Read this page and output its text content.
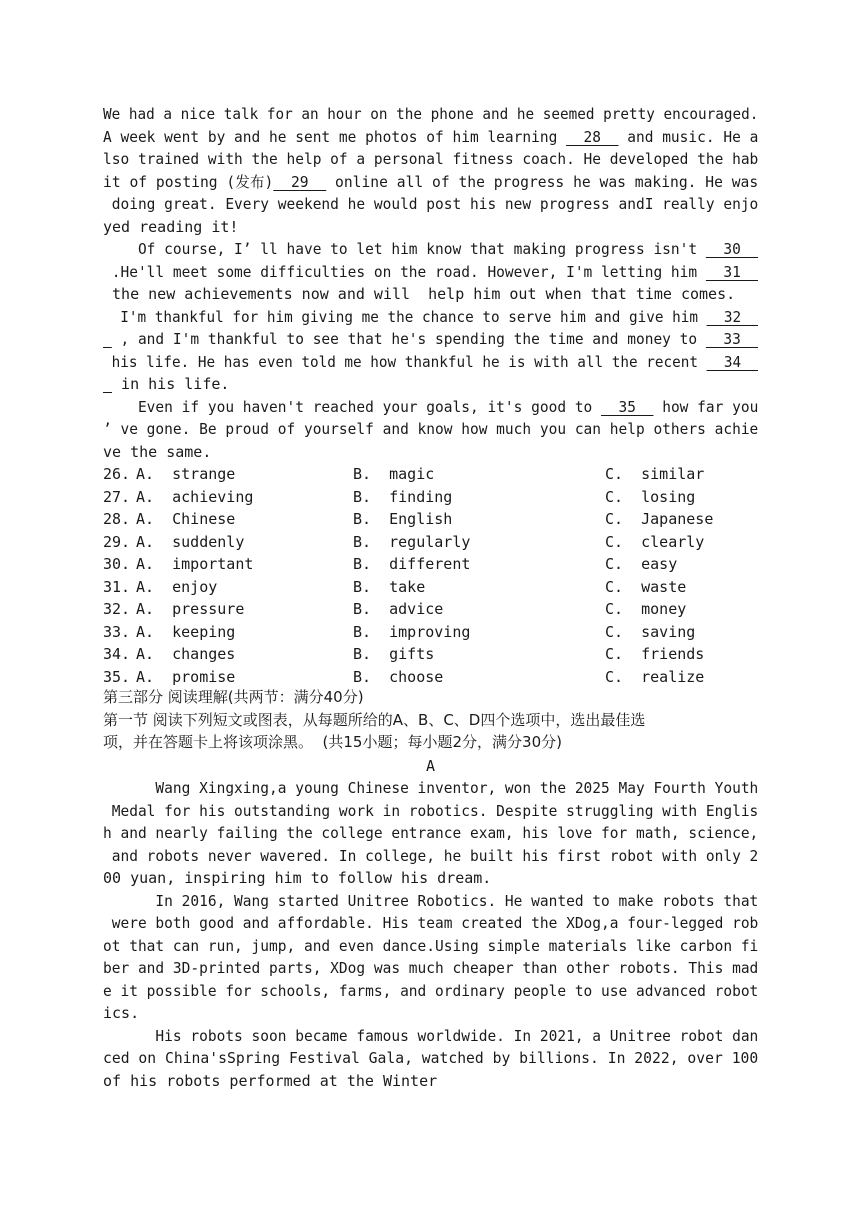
We had a nice talk for an hour on the phone and he seemed pretty encouraged.
A week went by and he sent me photos of him learning   28   and music. He a
lso trained with the help of a personal fitness coach. He developed the hab
it of posting (发布)  29   online all of the progress he was making. He was
doing great. Every weekend he would post his new progress andI really enjo
yed reading it!
Of course, I’ ll have to let him know that making progress isn't   30
.He'll meet some difficulties on the road. However, I'm letting him   31
the new achievements now and will  help him out when that time comes.
I'm thankful for him giving me the chance to serve him and give him   32
_ , and I'm thankful to see that he's spending the time and money to   33
his life. He has even told me how thankful he is with all the recent   34
_ in his life.
Even if you haven't reached your goals, it's good to   35   how far you
’ ve gone. Be proud of yourself and know how much you can help others achie
ve the same.
26. A.  strange	B.  magic	C.  similar
27. A.  achieving	B.  finding	C.  losing
28. A.  Chinese	B.  English	C.  Japanese
29. A.  suddenly	B.  regularly	C.  clearly
30. A.  important	B.  different	C.  easy
31. A.  enjoy	B.  take	C.  waste
32. A.  pressure	B.  advice	C.  money
33. A.  keeping	B.  improving	C.  saving
34. A.  changes	B.  gifts	C.  friends
35. A.  promise	B.  choose	C.  realize
第三部分 阅读理解(共两节：满分40分)
第一节 阅读下列短文或图表，从每题所给的A、B、C、D四个选项中，选出最佳选
项，并在答题卡上将该项涂黑。  (共15小题；每小题2分，满分30分)
A
Wang Xingxing,a young Chinese inventor, won the 2025 May Fourth Youth
Medal for his outstanding work in robotics. Despite struggling with Englis
h and nearly failing the college entrance exam, his love for math, science,
and robots never wavered. In college, he built his first robot with only 2
00 yuan, inspiring him to follow his dream.
In 2016, Wang started Unitree Robotics. He wanted to make robots that
were both good and affordable. His team created the XDog,a four-legged rob
ot that can run, jump, and even dance.Using simple materials like carbon fi
ber and 3D-printed parts, XDog was much cheaper than other robots. This mad
e it possible for schools, farms, and ordinary people to use advanced robot
ics.
His robots soon became famous worldwide. In 2021, a Unitree robot dan
ced on China'sSpring Festival Gala, watched by billions. In 2022, over 100
of his robots performed at the Winter
